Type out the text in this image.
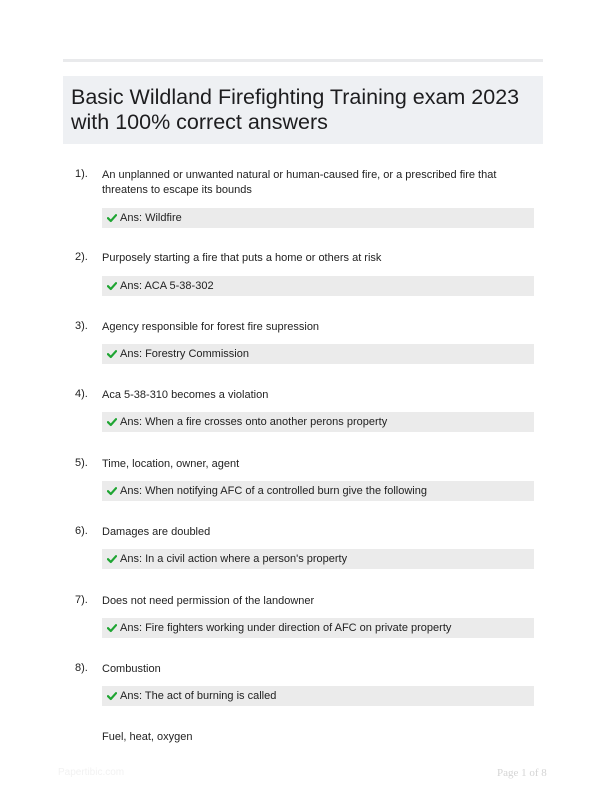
Basic Wildland Firefighting Training exam 2023 with 100% correct answers
1). An unplanned or unwanted natural or human-caused fire, or a prescribed fire that threatens to escape its bounds
Ans: Wildfire
2). Purposely starting a fire that puts a home or others at risk
Ans: ACA 5-38-302
3). Agency responsible for forest fire supression
Ans: Forestry Commission
4). Aca 5-38-310 becomes a violation
Ans: When a fire crosses onto another perons property
5). Time, location, owner, agent
Ans: When notifying AFC of a controlled burn give the following
6). Damages are doubled
Ans: In a civil action where a person's property
7). Does not need permission of the landowner
Ans: Fire fighters working under direction of AFC on private property
8). Combustion
Ans: The act of burning is called
Fuel, heat, oxygen
Papertibic.com	Page 1 of 8
